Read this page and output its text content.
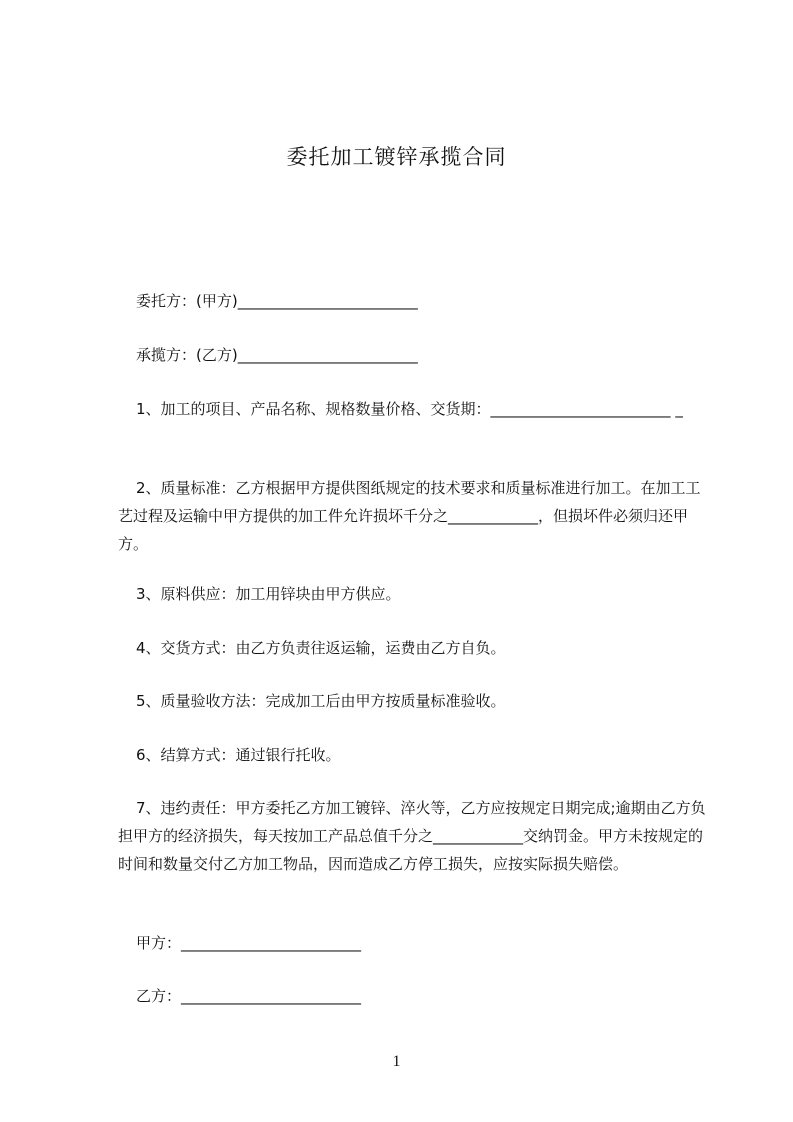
委托加工镀锌承揽合同
委托方：(甲方)________________________
承揽方：(乙方)________________________
1、加工的项目、产品名称、规格数量价格、交货期：________________________ _
2、质量标准：乙方根据甲方提供图纸规定的技术要求和质量标准进行加工。在加工工艺过程及运输中甲方提供的加工件允许损坏千分之____________，但损坏件必须归还甲方。
3、原料供应：加工用锌块由甲方供应。
4、交货方式：由乙方负责往返运输，运费由乙方自负。
5、质量验收方法：完成加工后由甲方按质量标准验收。
6、结算方式：通过银行托收。
7、违约责任：甲方委托乙方加工镀锌、淬火等，乙方应按规定日期完成;逾期由乙方负担甲方的经济损失，每天按加工产品总值千分之____________交纳罚金。甲方未按规定的时间和数量交付乙方加工物品，因而造成乙方停工损失，应按实际损失赔偿。
甲方：________________________
乙方：________________________
1
